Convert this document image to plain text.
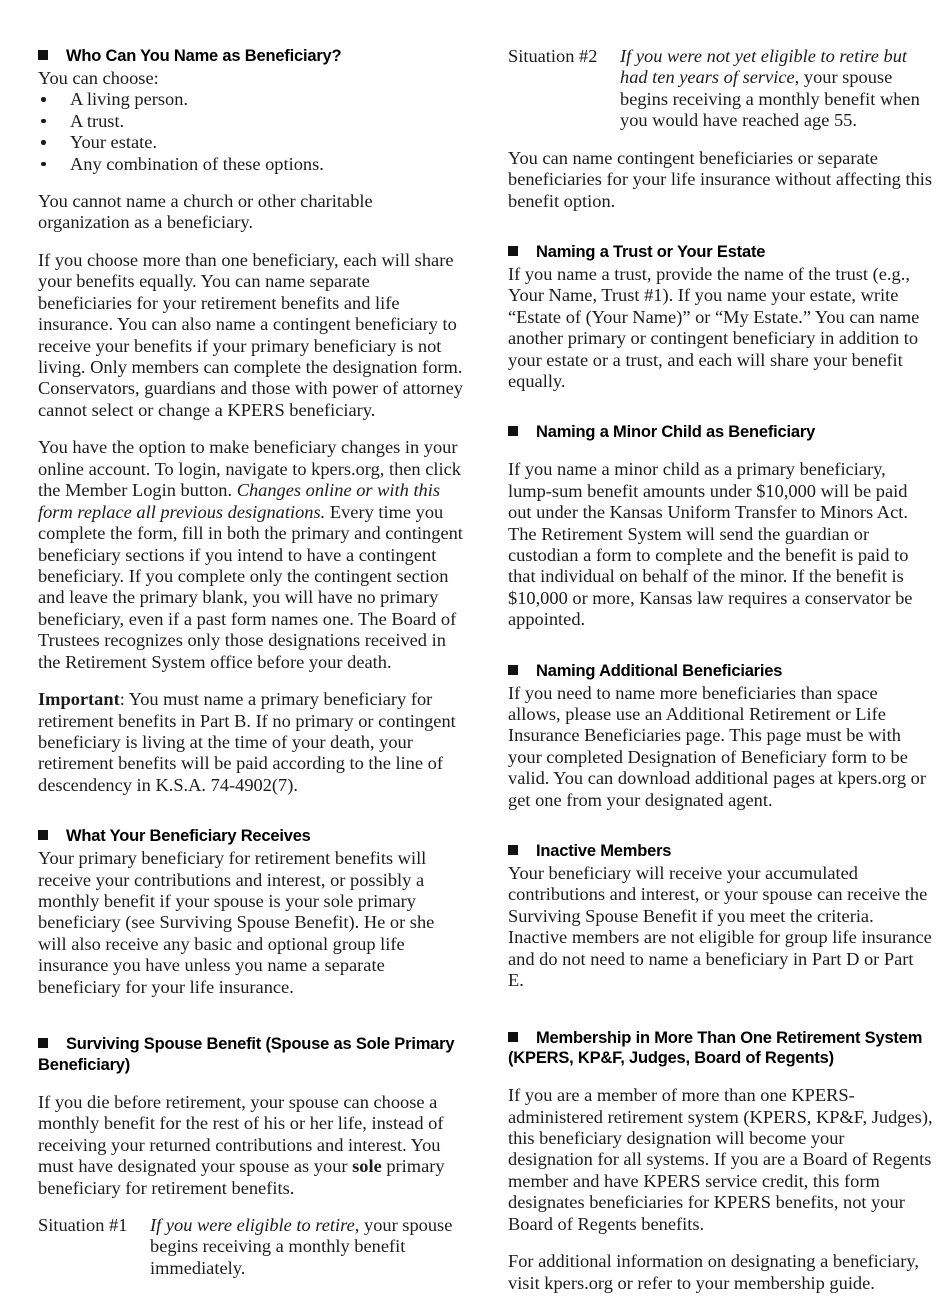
Who Can You Name as Beneficiary?

You can choose:

A living person.
A trust.
Your estate.
Any combination of these options.

You cannot name a church or other charitable organization as a beneficiary.

If you choose more than one beneficiary, each will share your benefits equally. You can name separate beneficiaries for your retirement benefits and life insurance. You can also name a contingent beneficiary to receive your benefits if your primary beneficiary is not living. Only members can complete the designation form. Conservators, guardians and those with power of attorney cannot select or change a KPERS beneficiary.

You have the option to make beneficiary changes in your online account. To login, navigate to kpers.org, then click the Member Login button. Changes online or with this form replace all previous designations. Every time you complete the form, fill in both the primary and contingent beneficiary sections if you intend to have a contingent beneficiary. If you complete only the contingent section and leave the primary blank, you will have no primary beneficiary, even if a past form names one. The Board of Trustees recognizes only those designations received in the Retirement System office before your death.

Important: You must name a primary beneficiary for retirement benefits in Part B. If no primary or contingent beneficiary is living at the time of your death, your retirement benefits will be paid according to the line of descendency in K.S.A. 74-4902(7).

What Your Beneficiary Receives

Your primary beneficiary for retirement benefits will receive your contributions and interest, or possibly a monthly benefit if your spouse is your sole primary beneficiary (see Surviving Spouse Benefit). He or she will also receive any basic and optional group life insurance you have unless you name a separate beneficiary for your life insurance.

Surviving Spouse Benefit (Spouse as Sole Primary Beneficiary)

If you die before retirement, your spouse can choose a monthly benefit for the rest of his or her life, instead of receiving your returned contributions and interest. You must have designated your spouse as your sole primary beneficiary for retirement benefits.

Situation #1	If you were eligible to retire, your spouse begins receiving a monthly benefit immediately.
Situation #2	If you were not yet eligible to retire but had ten years of service, your spouse begins receiving a monthly benefit when you would have reached age 55.

You can name contingent beneficiaries or separate beneficiaries for your life insurance without affecting this benefit option.

Naming a Trust or Your Estate

If you name a trust, provide the name of the trust (e.g., Your Name, Trust #1). If you name your estate, write “Estate of (Your Name)” or “My Estate.” You can name another primary or contingent beneficiary in addition to your estate or a trust, and each will share your benefit equally.

Naming a Minor Child as Beneficiary

If you name a minor child as a primary beneficiary, lump-sum benefit amounts under $10,000 will be paid out under the Kansas Uniform Transfer to Minors Act. The Retirement System will send the guardian or custodian a form to complete and the benefit is paid to that individual on behalf of the minor. If the benefit is $10,000 or more, Kansas law requires a conservator be appointed.

Naming Additional Beneficiaries

If you need to name more beneficiaries than space allows, please use an Additional Retirement or Life Insurance Beneficiaries page. This page must be with your completed Designation of Beneficiary form to be valid. You can download additional pages at kpers.org or get one from your designated agent.

Inactive Members

Your beneficiary will receive your accumulated contributions and interest, or your spouse can receive the Surviving Spouse Benefit if you meet the criteria. Inactive members are not eligible for group life insurance and do not need to name a beneficiary in Part D or Part E.

Membership in More Than One Retirement System (KPERS, KP&F, Judges, Board of Regents)

If you are a member of more than one KPERS-administered retirement system (KPERS, KP&F, Judges), this beneficiary designation will become your designation for all systems. If you are a Board of Regents member and have KPERS service credit, this form designates beneficiaries for KPERS benefits, not your Board of Regents benefits.

For additional information on designating a beneficiary, visit kpers.org or refer to your membership guide.
